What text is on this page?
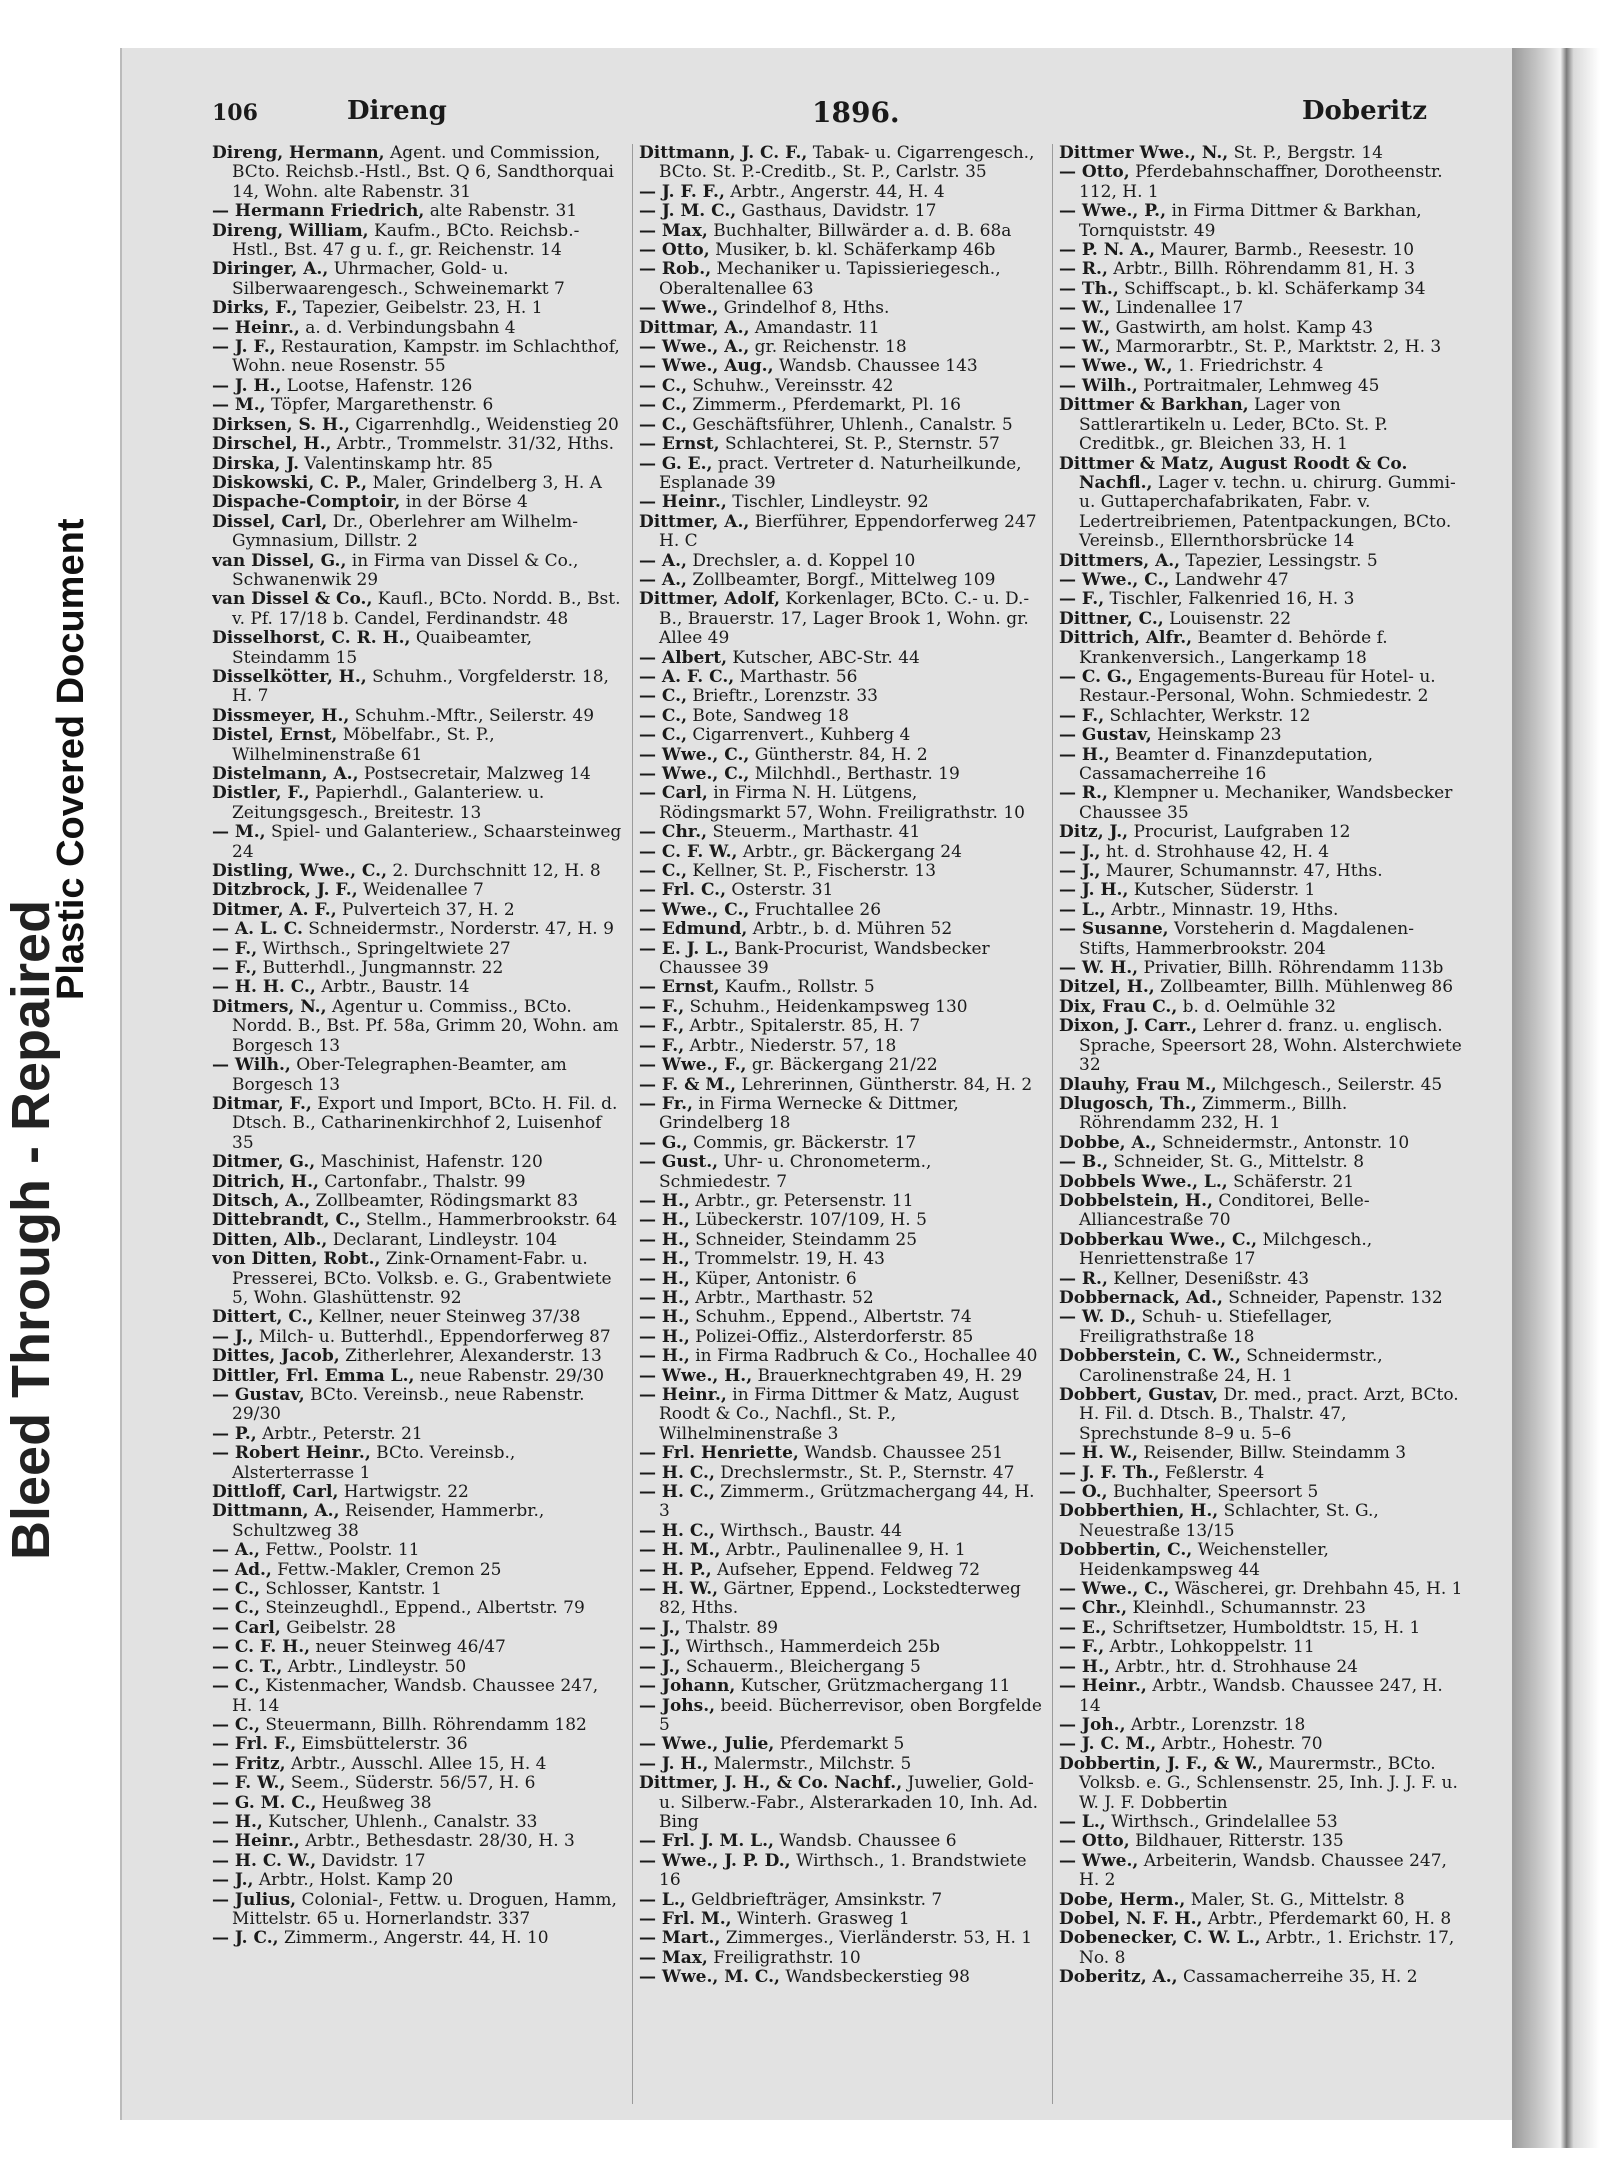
Bleed Through - Repaired
Plastic Covered Document
106	Direng	1896.	Doberitz

Direng, Hermann, Agent. und Commission, BCto. Reichsb.-Hstl., Bst. Q 6, Sandthorquai 14, Wohn. alte Rabenstr. 31

— Hermann Friedrich, alte Rabenstr. 31

Direng, William, Kaufm., BCto. Reichsb.-Hstl., Bst. 47 g u. f., gr. Reichenstr. 14

Diringer, A., Uhrmacher, Gold- u. Silberwaarengesch., Schweinemarkt 7

Dirks, F., Tapezier, Geibelstr. 23, H. 1

— Heinr., a. d. Verbindungsbahn 4

— J. F., Restauration, Kampstr. im Schlachthof, Wohn. neue Rosenstr. 55

— J. H., Lootse, Hafenstr. 126

— M., Töpfer, Margarethenstr. 6

Dirksen, S. H., Cigarrenhdlg., Weidenstieg 20

Dirschel, H., Arbtr., Trommelstr. 31/32, Hths.

Dirska, J. Valentinskamp htr. 85

Diskowski, C. P., Maler, Grindelberg 3, H. A

Dispache-Comptoir, in der Börse 4

Dissel, Carl, Dr., Oberlehrer am Wilhelm-Gymnasium, Dillstr. 2

van Dissel, G., in Firma van Dissel & Co., Schwanenwik 29

van Dissel & Co., Kaufl., BCto. Nordd. B., Bst. v. Pf. 17/18 b. Candel, Ferdinandstr. 48

Disselhorst, C. R. H., Quaibeamter, Steindamm 15

Disselkötter, H., Schuhm., Vorgfelderstr. 18, H. 7

Dissmeyer, H., Schuhm.-Mftr., Seilerstr. 49

Distel, Ernst, Möbelfabr., St. P., Wilhelminenstraße 61

Distelmann, A., Postsecretair, Malzweg 14

Distler, F., Papierhdl., Galanteriew. u. Zeitungsgesch., Breitestr. 13

— M., Spiel- und Galanteriew., Schaarsteinweg 24

Distling, Wwe., C., 2. Durchschnitt 12, H. 8

Ditzbrock, J. F., Weidenallee 7

Ditmer, A. F., Pulverteich 37, H. 2

— A. L. C. Schneidermstr., Norderstr. 47, H. 9

— F., Wirthsch., Springeltwiete 27

— F., Butterhdl., Jungmannstr. 22

— H. H. C., Arbtr., Baustr. 14

Ditmers, N., Agentur u. Commiss., BCto. Nordd. B., Bst. Pf. 58a, Grimm 20, Wohn. am Borgesch 13

— Wilh., Ober-Telegraphen-Beamter, am Borgesch 13

Ditmar, F., Export und Import, BCto. H. Fil. d. Dtsch. B., Catharinenkirchhof 2, Luisenhof 35

Ditmer, G., Maschinist, Hafenstr. 120

Ditrich, H., Cartonfabr., Thalstr. 99

Ditsch, A., Zollbeamter, Rödingsmarkt 83

Dittebrandt, C., Stellm., Hammerbrookstr. 64

Ditten, Alb., Declarant, Lindleystr. 104

von Ditten, Robt., Zink-Ornament-Fabr. u. Presserei, BCto. Volksb. e. G., Grabentwiete 5, Wohn. Glashüttenstr. 92

Dittert, C., Kellner, neuer Steinweg 37/38

— J., Milch- u. Butterhdl., Eppendorferweg 87

Dittes, Jacob, Zitherlehrer, Alexanderstr. 13

Dittler, Frl. Emma L., neue Rabenstr. 29/30

— Gustav, BCto. Vereinsb., neue Rabenstr. 29/30

— P., Arbtr., Peterstr. 21

— Robert Heinr., BCto. Vereinsb., Alsterterrasse 1

Dittloff, Carl, Hartwigstr. 22

Dittmann, A., Reisender, Hammerbr., Schultzweg 38

— A., Fettw., Poolstr. 11

— Ad., Fettw.-Makler, Cremon 25

— C., Schlosser, Kantstr. 1

— C., Steinzeughdl., Eppend., Albertstr. 79

— Carl, Geibelstr. 28

— C. F. H., neuer Steinweg 46/47

— C. T., Arbtr., Lindleystr. 50

— C., Kistenmacher, Wandsb. Chaussee 247, H. 14

— C., Steuermann, Billh. Röhrendamm 182

— Frl. F., Eimsbüttelerstr. 36

— Fritz, Arbtr., Ausschl. Allee 15, H. 4

— F. W., Seem., Süderstr. 56/57, H. 6

— G. M. C., Heußweg 38

— H., Kutscher, Uhlenh., Canalstr. 33

— Heinr., Arbtr., Bethesdastr. 28/30, H. 3

— H. C. W., Davidstr. 17

— J., Arbtr., Holst. Kamp 20

— Julius, Colonial-, Fettw. u. Droguen, Hamm, Mittelstr. 65 u. Hornerlandstr. 337

— J. C., Zimmerm., Angerstr. 44, H. 10

Dittmann, J. C. F., Tabak- u. Cigarrengesch., BCto. St. P.-Creditb., St. P., Carlstr. 35

— J. F. F., Arbtr., Angerstr. 44, H. 4

— J. M. C., Gasthaus, Davidstr. 17

— Max, Buchhalter, Billwärder a. d. B. 68a

— Otto, Musiker, b. kl. Schäferkamp 46b

— Rob., Mechaniker u. Tapissieriegesch., Oberaltenallee 63

— Wwe., Grindelhof 8, Hths.

Dittmar, A., Amandastr. 11

— Wwe., A., gr. Reichenstr. 18

— Wwe., Aug., Wandsb. Chaussee 143

— C., Schuhw., Vereinsstr. 42

— C., Zimmerm., Pferdemarkt, Pl. 16

— C., Geschäftsführer, Uhlenh., Canalstr. 5

— Ernst, Schlachterei, St. P., Sternstr. 57

— G. E., pract. Vertreter d. Naturheilkunde, Esplanade 39

— Heinr., Tischler, Lindleystr. 92

Dittmer, A., Bierführer, Eppendorferweg 247 H. C

— A., Drechsler, a. d. Koppel 10

— A., Zollbeamter, Borgf., Mittelweg 109

Dittmer, Adolf, Korkenlager, BCto. C.- u. D.-B., Brauerstr. 17, Lager Brook 1, Wohn. gr. Allee 49

— Albert, Kutscher, ABC-Str. 44

— A. F. C., Marthastr. 56

— C., Brieftr., Lorenzstr. 33

— C., Bote, Sandweg 18

— C., Cigarrenvert., Kuhberg 4

— Wwe., C., Güntherstr. 84, H. 2

— Wwe., C., Milchhdl., Berthastr. 19

— Carl, in Firma N. H. Lütgens, Rödingsmarkt 57, Wohn. Freiligrathstr. 10

— Chr., Steuerm., Marthastr. 41

— C. F. W., Arbtr., gr. Bäckergang 24

— C., Kellner, St. P., Fischerstr. 13

— Frl. C., Osterstr. 31

— Wwe., C., Fruchtallee 26

— Edmund, Arbtr., b. d. Mühren 52

— E. J. L., Bank-Procurist, Wandsbecker Chaussee 39

— Ernst, Kaufm., Rollstr. 5

— F., Schuhm., Heidenkampsweg 130

— F., Arbtr., Spitalerstr. 85, H. 7

— F., Arbtr., Niederstr. 57, 18

— Wwe., F., gr. Bäckergang 21/22

— F. & M., Lehrerinnen, Güntherstr. 84, H. 2

— Fr., in Firma Wernecke & Dittmer, Grindelberg 18

— G., Commis, gr. Bäckerstr. 17

— Gust., Uhr- u. Chronometerm., Schmiedestr. 7

— H., Arbtr., gr. Petersenstr. 11

— H., Lübeckerstr. 107/109, H. 5

— H., Schneider, Steindamm 25

— H., Trommelstr. 19, H. 43

— H., Küper, Antonistr. 6

— H., Arbtr., Marthastr. 52

— H., Schuhm., Eppend., Albertstr. 74

— H., Polizei-Offiz., Alsterdorferstr. 85

— H., in Firma Radbruch & Co., Hochallee 40

— Wwe., H., Brauerknechtgraben 49, H. 29

— Heinr., in Firma Dittmer & Matz, August Roodt & Co., Nachfl., St. P., Wilhelminenstraße 3

— Frl. Henriette, Wandsb. Chaussee 251

— H. C., Drechslermstr., St. P., Sternstr. 47

— H. C., Zimmerm., Grützmachergang 44, H. 3

— H. C., Wirthsch., Baustr. 44

— H. M., Arbtr., Paulinenallee 9, H. 1

— H. P., Aufseher, Eppend. Feldweg 72

— H. W., Gärtner, Eppend., Lockstedterweg 82, Hths.

— J., Thalstr. 89

— J., Wirthsch., Hammerdeich 25b

— J., Schauerm., Bleichergang 5

— Johann, Kutscher, Grützmachergang 11

— Johs., beeid. Bücherrevisor, oben Borgfelde 5

— Wwe., Julie, Pferdemarkt 5

— J. H., Malermstr., Milchstr. 5

Dittmer, J. H., & Co. Nachf., Juwelier, Gold- u. Silberw.-Fabr., Alsterarkaden 10, Inh. Ad. Bing

— Frl. J. M. L., Wandsb. Chaussee 6

— Wwe., J. P. D., Wirthsch., 1. Brandstwiete 16

— L., Geldbriefträger, Amsinkstr. 7

— Frl. M., Winterh. Grasweg 1

— Mart., Zimmerges., Vierländerstr. 53, H. 1

— Max, Freiligrathstr. 10

— Wwe., M. C., Wandsbeckerstieg 98

Dittmer Wwe., N., St. P., Bergstr. 14

— Otto, Pferdebahnschaffner, Dorotheenstr. 112, H. 1

— Wwe., P., in Firma Dittmer & Barkhan, Tornquiststr. 49

— P. N. A., Maurer, Barmb., Reesestr. 10

— R., Arbtr., Billh. Röhrendamm 81, H. 3

— Th., Schiffscapt., b. kl. Schäferkamp 34

— W., Lindenallee 17

— W., Gastwirth, am holst. Kamp 43

— W., Marmorarbtr., St. P., Marktstr. 2, H. 3

— Wwe., W., 1. Friedrichstr. 4

— Wilh., Portraitmaler, Lehmweg 45

Dittmer & Barkhan, Lager von Sattlerartikeln u. Leder, BCto. St. P. Creditbk., gr. Bleichen 33, H. 1

Dittmer & Matz, August Roodt & Co. Nachfl., Lager v. techn. u. chirurg. Gummi- u. Guttaperchafabrikaten, Fabr. v. Ledertreibriemen, Patentpackungen, BCto. Vereinsb., Ellernthorsbrücke 14

Dittmers, A., Tapezier, Lessingstr. 5

— Wwe., C., Landwehr 47

— F., Tischler, Falkenried 16, H. 3

Dittner, C., Louisenstr. 22

Dittrich, Alfr., Beamter d. Behörde f. Krankenversich., Langerkamp 18

— C. G., Engagements-Bureau für Hotel- u. Restaur.-Personal, Wohn. Schmiedestr. 2

— F., Schlachter, Werkstr. 12

— Gustav, Heinskamp 23

— H., Beamter d. Finanzdeputation, Cassamacherreihe 16

— R., Klempner u. Mechaniker, Wandsbecker Chaussee 35

Ditz, J., Procurist, Laufgraben 12

— J., ht. d. Strohhause 42, H. 4

— J., Maurer, Schumannstr. 47, Hths.

— J. H., Kutscher, Süderstr. 1

— L., Arbtr., Minnastr. 19, Hths.

— Susanne, Vorsteherin d. Magdalenen-Stifts, Hammerbrookstr. 204

— W. H., Privatier, Billh. Röhrendamm 113b

Ditzel, H., Zollbeamter, Billh. Mühlenweg 86

Dix, Frau C., b. d. Oelmühle 32

Dixon, J. Carr., Lehrer d. franz. u. englisch. Sprache, Speersort 28, Wohn. Alsterchwiete 32

Dlauhy, Frau M., Milchgesch., Seilerstr. 45

Dlugosch, Th., Zimmerm., Billh. Röhrendamm 232, H. 1

Dobbe, A., Schneidermstr., Antonstr. 10

— B., Schneider, St. G., Mittelstr. 8

Dobbels Wwe., L., Schäferstr. 21

Dobbelstein, H., Conditorei, Belle-Alliancestraße 70

Dobberkau Wwe., C., Milchgesch., Henriettenstraße 17

— R., Kellner, Desenißstr. 43

Dobbernack, Ad., Schneider, Papenstr. 132

— W. D., Schuh- u. Stiefellager, Freiligrathstraße 18

Dobberstein, C. W., Schneidermstr., Carolinenstraße 24, H. 1

Dobbert, Gustav, Dr. med., pract. Arzt, BCto. H. Fil. d. Dtsch. B., Thalstr. 47, Sprechstunde 8–9 u. 5–6

— H. W., Reisender, Billw. Steindamm 3

— J. F. Th., Feßlerstr. 4

— O., Buchhalter, Speersort 5

Dobberthien, H., Schlachter, St. G., Neuestraße 13/15

Dobbertin, C., Weichensteller, Heidenkampsweg 44

— Wwe., C., Wäscherei, gr. Drehbahn 45, H. 1

— Chr., Kleinhdl., Schumannstr. 23

— E., Schriftsetzer, Humboldtstr. 15, H. 1

— F., Arbtr., Lohkoppelstr. 11

— H., Arbtr., htr. d. Strohhause 24

— Heinr., Arbtr., Wandsb. Chaussee 247, H. 14

— Joh., Arbtr., Lorenzstr. 18

— J. C. M., Arbtr., Hohestr. 70

Dobbertin, J. F., & W., Maurermstr., BCto. Volksb. e. G., Schlensenstr. 25, Inh. J. J. F. u. W. J. F. Dobbertin

— L., Wirthsch., Grindelallee 53

— Otto, Bildhauer, Ritterstr. 135

— Wwe., Arbeiterin, Wandsb. Chaussee 247, H. 2

Dobe, Herm., Maler, St. G., Mittelstr. 8

Dobel, N. F. H., Arbtr., Pferdemarkt 60, H. 8

Dobenecker, C. W. L., Arbtr., 1. Erichstr. 17, No. 8

Doberitz, A., Cassamacherreihe 35, H. 2
